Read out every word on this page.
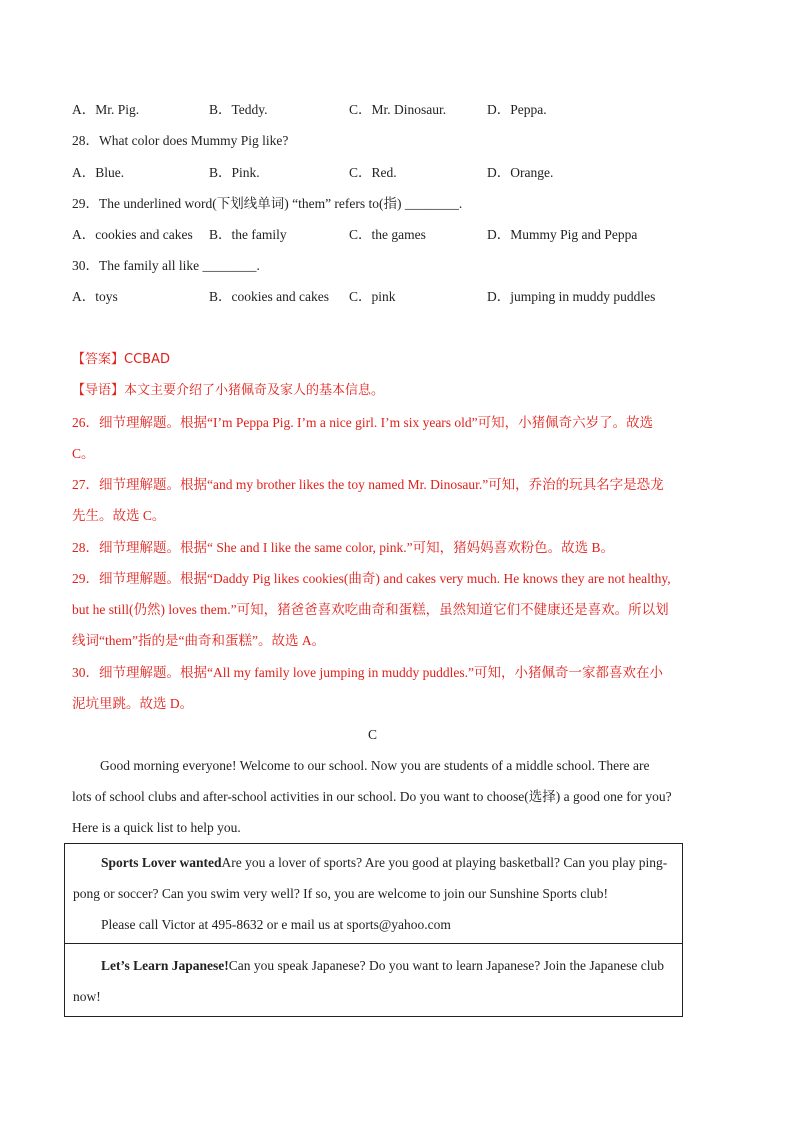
A．Mr. Pig.	B．Teddy.	C．Mr. Dinosaur.	D．Peppa.
28．What color does Mummy Pig like?
A．Blue.	B．Pink.	C．Red.	D．Orange.
29．The underlined word(下划线单词) “them” refers to(指) ________.
A．cookies and cakes B．the family	C．the games	D．Mummy Pig and Peppa
30．The family all like ________.
A．toys	B．cookies and cakes C．pink	D．jumping in muddy puddles
【答案】CCBAD
【导语】本文主要介绍了小猪佩奇及家人的基本信息。
26．细节理解题。根据“I’m Peppa Pig. I’m a nice girl. I’m six years old”可知，小猪佩奇六岁了。故选C。
27．细节理解题。根据“and my brother likes the toy named Mr. Dinosaur.”可知，乔治的玩具名字是恐龙先生。故选 C。
28．细节理解题。根据“ She and I like the same color, pink.”可知，猪妈妈喜欢粉色。故选 B。
29．细节理解题。根据“Daddy Pig likes cookies(曲奇) and cakes very much. He knows they are not healthy, but he still(仍然) loves them.”可知，猪爸爸喜欢吃曲奇和蛋糕，虽然知道它们不健康还是喜欢。所以划线词“them”指的是“曲奇和蛋糕”。故选 A。
30．细节理解题。根据“All my family love jumping in muddy puddles.”可知，小猪佩奇一家都喜欢在小泥坑里跳。故选 D。
C
Good morning everyone! Welcome to our school. Now you are students of a middle school. There are lots of school clubs and after-school activities in our school. Do you want to choose(选择) a good one for you? Here is a quick list to help you.
Sports Lover wantedAre you a lover of sports? Are you good at playing basketball? Can you play ping-pong or soccer? Can you swim very well? If so, you are welcome to join our Sunshine Sports club!
Please call Victor at 495-8632 or e mail us at sports@yahoo.com
Let’s Learn Japanese!Can you speak Japanese? Do you want to learn Japanese? Join the Japanese club now!
